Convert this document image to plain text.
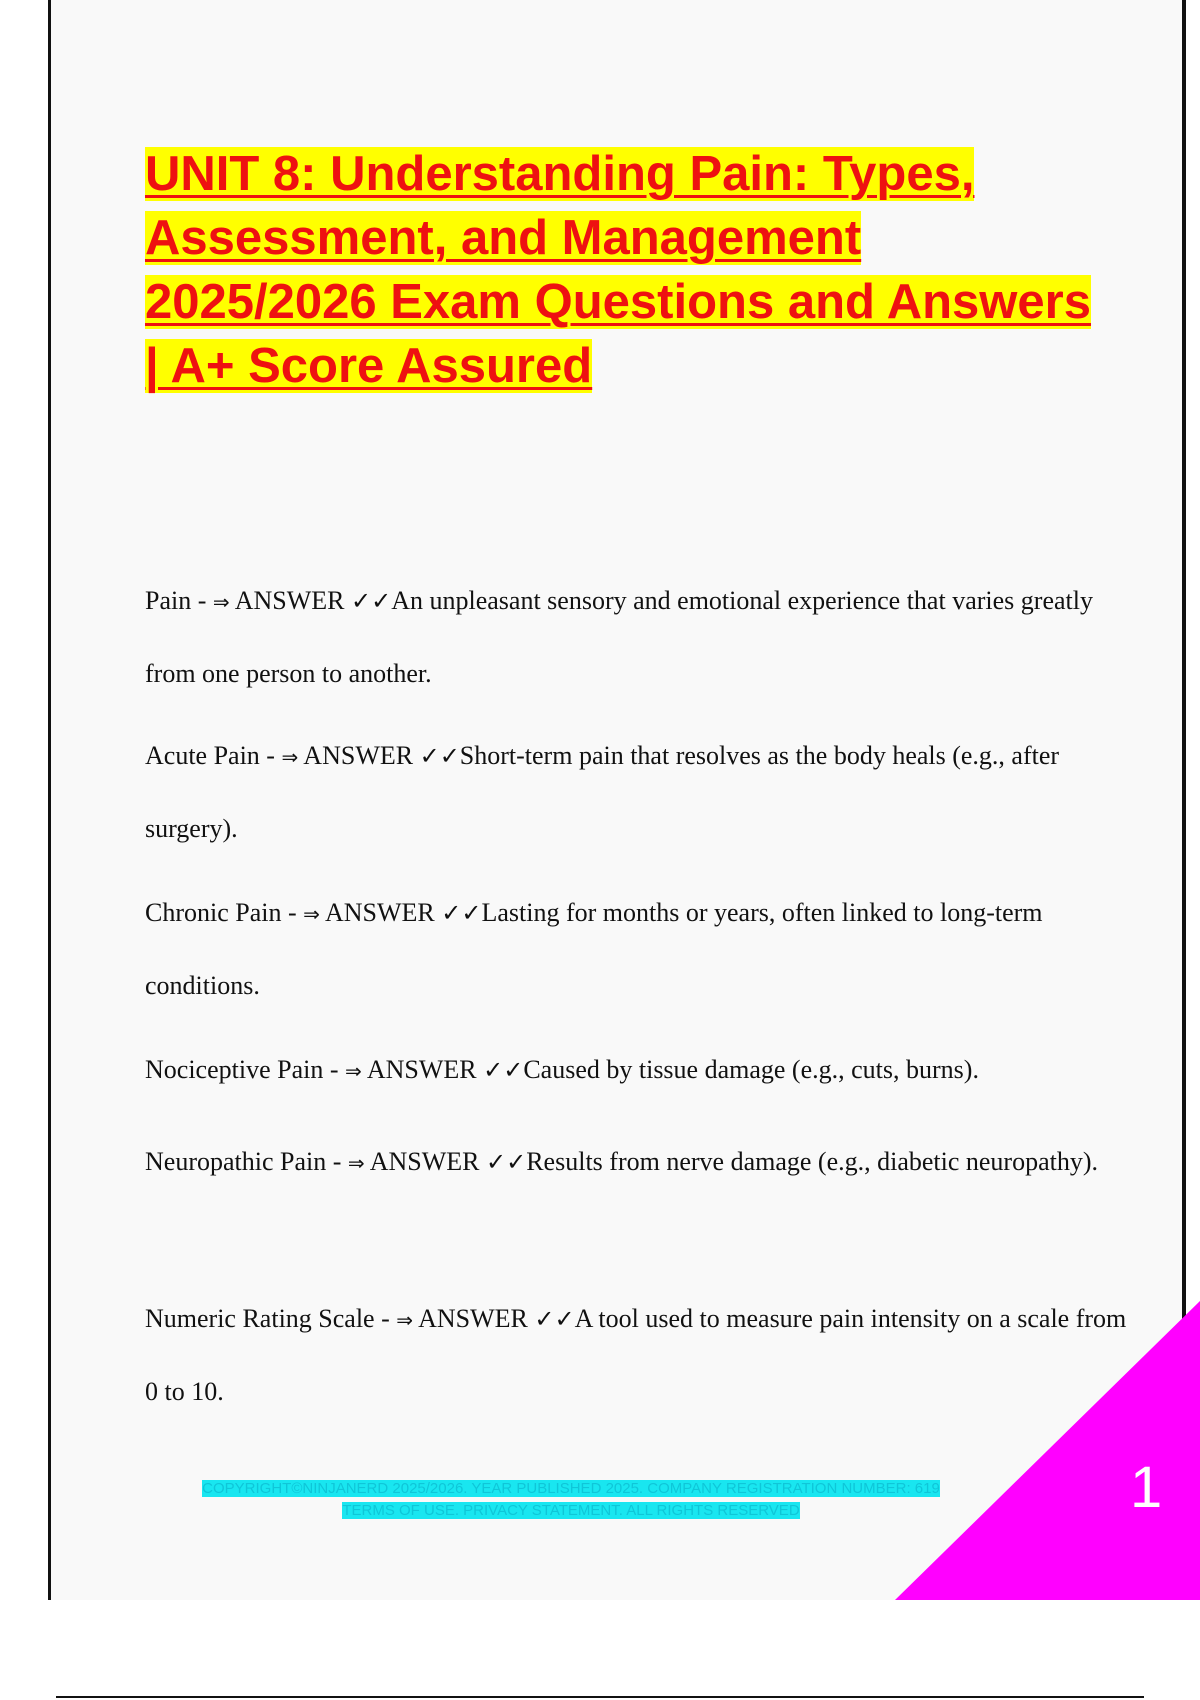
UNIT 8: Understanding Pain: Types,
Assessment, and Management
2025/2026 Exam Questions and Answers
| A+ Score Assured
Pain - ⇒ ANSWER ✓✓An unpleasant sensory and emotional experience that varies greatly from one person to another.
Acute Pain - ⇒ ANSWER ✓✓Short-term pain that resolves as the body heals (e.g., after surgery).
Chronic Pain - ⇒ ANSWER ✓✓Lasting for months or years, often linked to long-term conditions.
Nociceptive Pain - ⇒ ANSWER ✓✓Caused by tissue damage (e.g., cuts, burns).
Neuropathic Pain - ⇒ ANSWER ✓✓Results from nerve damage (e.g., diabetic neuropathy).
Numeric Rating Scale - ⇒ ANSWER ✓✓A tool used to measure pain intensity on a scale from 0 to 10.
COPYRIGHT©NINJANERD 2025/2026. YEAR PUBLISHED 2025. COMPANY REGISTRATION NUMBER: 619
TERMS OF USE. PRIVACY STATEMENT. ALL RIGHTS RESERVED	1
